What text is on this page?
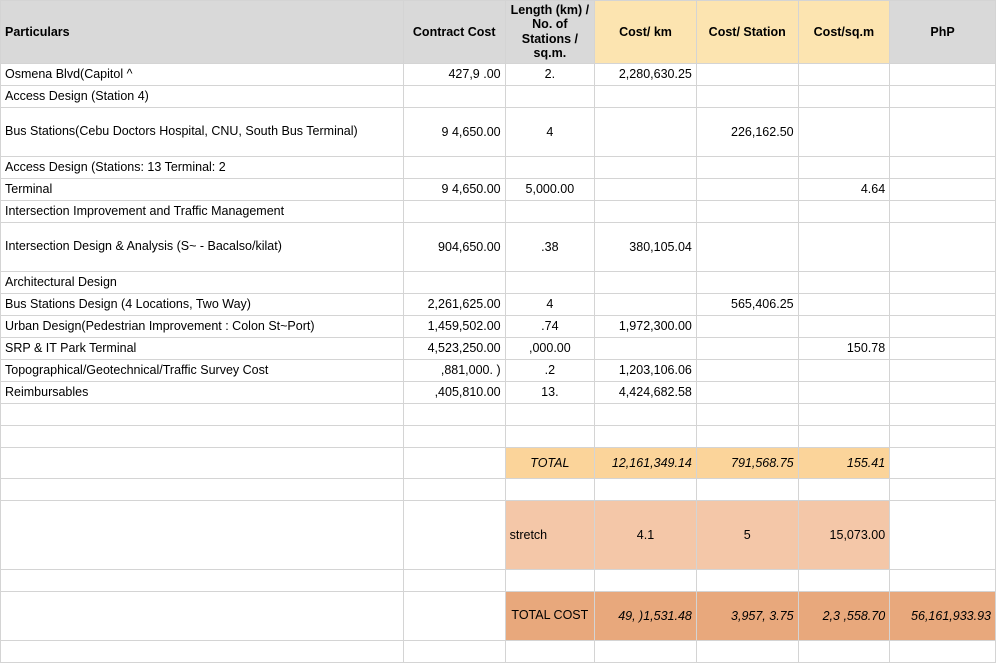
Particulars	Contract Cost	Length (km) / No. of Stations / sq.m.	Cost/ km	Cost/ Station	Cost/sq.m	PhP
Osmena Blvd(Capitol ^	427,9 .00	2.	2,280,630.25			
Access Design (Station 4)						
Bus Stations(Cebu Doctors Hospital, CNU, South Bus Terminal)	9 4,650.00	4		226,162.50		
Access Design (Stations: 13 Terminal: 2						
Terminal	9 4,650.00	5,000.00			4.64	
Intersection Improvement and Traffic Management						
Intersection Design & Analysis (S~ - Bacalso/kilat)	904,650.00	.38	380,105.04			
Architectural Design						
Bus Stations Design (4 Locations, Two Way)	2,261,625.00	4		565,406.25		
Urban Design(Pedestrian Improvement : Colon St~Port)	1,459,502.00	.74	1,972,300.00			
SRP & IT Park Terminal	4,523,250.00	,000.00			150.78	
Topographical/Geotechnical/Traffic Survey Cost	,881,000. )	.2	1,203,106.06			
Reimbursables	,405,810.00	13.	4,424,682.58			

		TOTAL	12,161,349.14	791,568.75	155.41	

		stretch	4.1	5	15,073.00	

		TOTAL COST	49, )1,531.48	3,957, 3.75	2,3 ,558.70	56,161,933.93
